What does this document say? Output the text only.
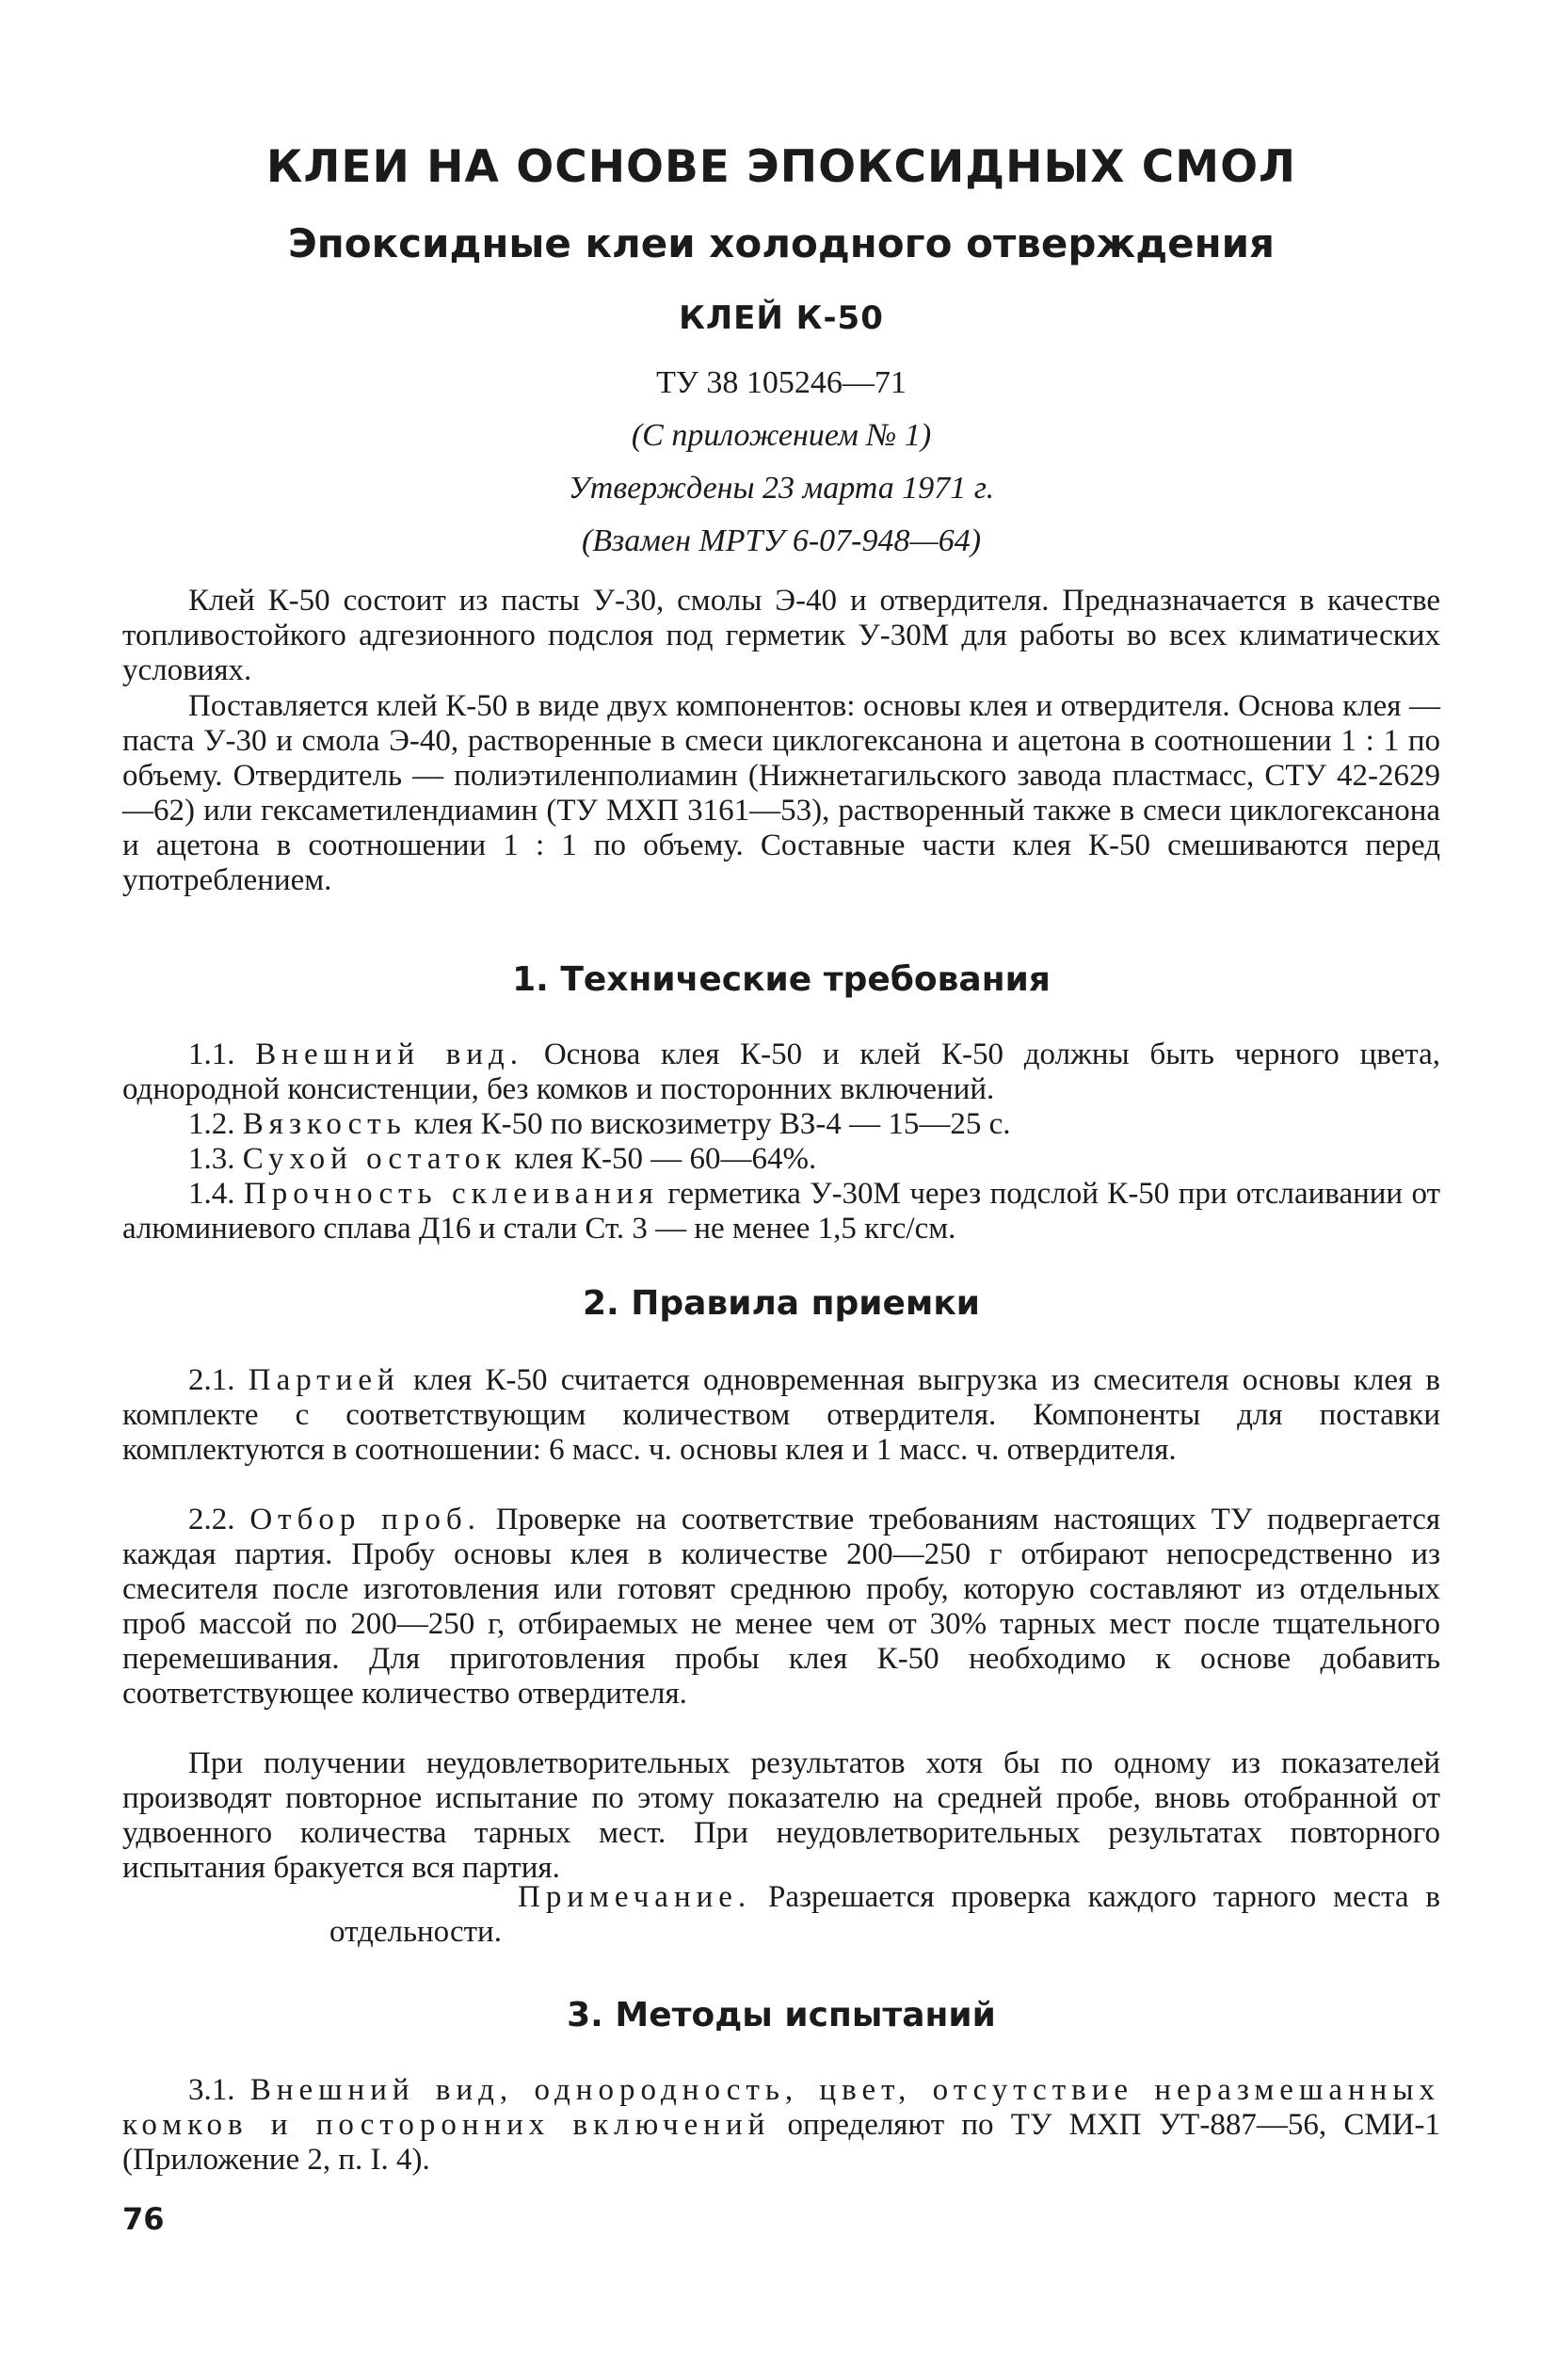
КЛЕИ НА ОСНОВЕ ЭПОКСИДНЫХ СМОЛ
Эпоксидные клеи холодного отверждения
КЛЕЙ К-50
ТУ 38 105246—71
(С приложением № 1)
Утверждены 23 марта 1971 г.
(Взамен МРТУ 6-07-948—64)
Клей К-50 состоит из пасты У-30, смолы Э-40 и отвердителя. Предназначается в качестве топливостойкого адгезионного подслоя под герметик У-30М для работы во всех климатических условиях.
Поставляется клей К-50 в виде двух компонентов: основы клея и отвердителя. Основа клея — паста У-30 и смола Э-40, растворенные в смеси циклогексанона и ацетона в соотношении 1 : 1 по объему. Отвердитель — полиэтиленполиамин (Нижнетагильского завода пластмасс, СТУ 42-2629—62) или гексаметилендиамин (ТУ МХП 3161—53), растворенный также в смеси циклогексанона и ацетона в соотношении 1 : 1 по объему. Составные части клея К-50 смешиваются перед употреблением.
1. Технические требования
1.1. Внешний вид. Основа клея К-50 и клей К-50 должны быть черного цвета, однородной консистенции, без комков и посторонних включений.
1.2. Вязкость клея К-50 по вискозиметру ВЗ-4 — 15—25 с.
1.3. Сухой остаток клея К-50 — 60—64%.
1.4. Прочность склеивания герметика У-30М через подслой К-50 при отслаивании от алюминиевого сплава Д16 и стали Ст. 3 — не менее 1,5 кгс/см.
2. Правила приемки
2.1. Партией клея К-50 считается одновременная выгрузка из смесителя основы клея в комплекте с соответствующим количеством отвердителя. Компоненты для поставки комплектуются в соотношении: 6 масс. ч. основы клея и 1 масс. ч. отвердителя.
2.2. Отбор проб. Проверке на соответствие требованиям настоящих ТУ подвергается каждая партия. Пробу основы клея в количестве 200—250 г отбирают непосредственно из смесителя после изготовления или готовят среднюю пробу, которую составляют из отдельных проб массой по 200—250 г, отбираемых не менее чем от 30% тарных мест после тщательного перемешивания. Для приготовления пробы клея К-50 необходимо к основе добавить соответствующее количество отвердителя.
При получении неудовлетворительных результатов хотя бы по одному из показателей производят повторное испытание по этому показателю на средней пробе, вновь отобранной от удвоенного количества тарных мест. При неудовлетворительных результатах повторного испытания бракуется вся партия.
Примечание. Разрешается проверка каждого тарного места в отдельности.
3. Методы испытаний
3.1. Внешний вид, однородность, цвет, отсутствие неразмешанных комков и посторонних включений определяют по ТУ МХП УТ-887—56, СМИ-1 (Приложение 2, п. I. 4).
76
